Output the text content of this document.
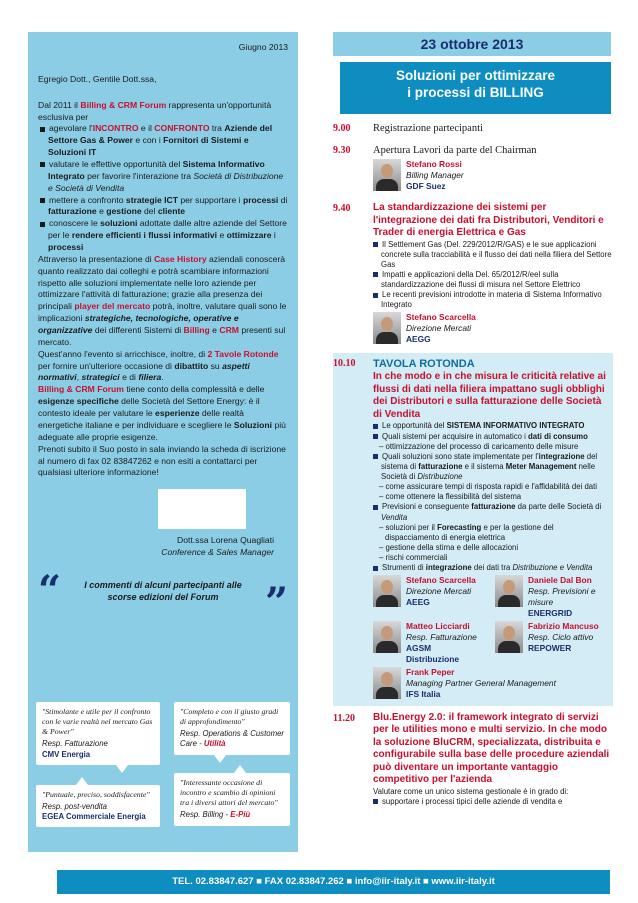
Giugno 2013
Egregio Dott., Gentile Dott.ssa,

Dal 2011 il Billing & CRM Forum rappresenta un'opportunità esclusiva per

agevolare l'INCONTRO e il CONFRONTO tra Aziende del Settore Gas & Power e con i Fornitori di Sistemi e Soluzioni IT
valutare le effettive opportunità del Sistema Informativo Integrato per favorire l'interazione tra Società di Distribuzione e Società di Vendita
mettere a confronto strategie ICT per supportare i processi di fatturazione e gestione del cliente
conoscere le soluzioni adottate dalle altre aziende del Settore per le rendere efficienti i flussi informativi e ottimizzare i processi

Attraverso la presentazione di Case History aziendali conoscerà quanto realizzato dai colleghi e potrà scambiare informazioni rispetto alle soluzioni implementate nelle loro aziende per ottimizzare l'attività di fatturazione; grazie alla presenza dei principali player del mercato potrà, inoltre, valutare quali sono le implicazioni strategiche, tecnologiche, operative e organizzative dei differenti Sistemi di Billing e CRM presenti sul mercato.

Quest'anno l'evento si arricchisce, inoltre, di 2 Tavole Rotonde per fornire un'ulteriore occasione di dibattito su aspetti normativi, strategici e di filiera.

Billing & CRM Forum tiene conto della complessità e delle esigenze specifiche delle Società del Settore Energy: è il contesto ideale per valutare le esperienze delle realtà energetiche italiane e per individuare e scegliere le Soluzioni più adeguate alle proprie esigenze.

Prenoti subito il Suo posto in sala inviando la scheda di iscrizione al numero di fax 02 83847262 e non esiti a contattarci per qualsiasi ulteriore informazione!

Dott.ssa Lorena Quagliati
Conference & Sales Manager
“	I commenti di alcuni partecipanti alle scorse edizioni del Forum	”
"Stimolante e utile per il confronto con le varie realtà nel mercato Gas & Power"
Resp. Fatturazione
CMV Energia
"Completo e con il giusto gradi di approfondimento"
Resp. Operations & Customer Care - Utilità
"Puntuale, preciso, soddisfacente"
Resp. post-vendita
EGEA Commerciale Energia
"Interessante occasione di incontro e scambio di opinioni tra i diversi attori del mercato"
Resp. Billing - E-Più
23 ottobre 2013
Soluzioni per ottimizzare
i processi di BILLING
9.00 Registrazione partecipanti
9.30 Apertura Lavori da parte del Chairman
Stefano Rossi
Billing Manager
GDF Suez
9.40 La standardizzazione dei sistemi per l'integrazione dei dati fra Distributori, Venditori e Trader di energia Elettrica e Gas
Il Settlement Gas (Del. 229/2012/R/GAS) e le sue applicazioni concrete sulla tracciabilità e il flusso dei dati nella filiera del Settore Gas
Impatti e applicazioni della Del. 65/2012/R/eel sulla standardizzazione dei flussi di misura nel Settore Elettrico
Le recenti previsioni introdotte in materia di Sistema Informativo Integrato
Stefano Scarcella
Direzione Mercati
AEGG
10.10 TAVOLA ROTONDA
In che modo e in che misura le criticità relative ai flussi di dati nella filiera impattano sugli obblighi dei Distributori e sulla fatturazione delle Società di Vendita
Le opportunità del SISTEMA INFORMATIVO INTEGRATO
Quali sistemi per acquisire in automatico i dati di consumo
– ottimizzazione del processo di caricamento delle misure
Quali soluzioni sono state implementate per l'integrazione del sistema di fatturazione e il sistema Meter Management nelle Società di Distribuzione
– come assicurare tempi di risposta rapidi e l'affidabilità dei dati
– come ottenere la flessibilità del sistema
Previsioni e conseguente fatturazione da parte delle Società di Vendita
– soluzioni per il Forecasting e per la gestione del dispacciamento di energia elettrica
– gestione della stima e delle allocazioni
– rischi commerciali
Strumenti di integrazione dei dati tra Distribuzione e Vendita
Stefano Scarcella
Direzione Mercati
AEEG
Daniele Dal Bon
Resp. Previsioni e misure
ENERGRID
Matteo Licciardi
Resp. Fatturazione
AGSM Distribuzione
Fabrizio Mancuso
Resp. Ciclo attivo
REPOWER
Frank Peper
Managing Partner General Management
IFS Italia
11.20 Blu.Energy 2.0: il framework integrato di servizi per le utilities mono e multi servizio. In che modo la soluzione BluCRM, specializzata, distribuita e configurabile sulla base delle procedure aziendali può diventare un importante vantaggio competitivo per l'azienda
Valutare come un unico sistema gestionale è in grado di:
supportare i processi tipici delle aziende di vendita e
TEL. 02.83847.627 ■ FAX 02.83847.262 ■ info@iir-italy.it ■ www.iir-italy.it
